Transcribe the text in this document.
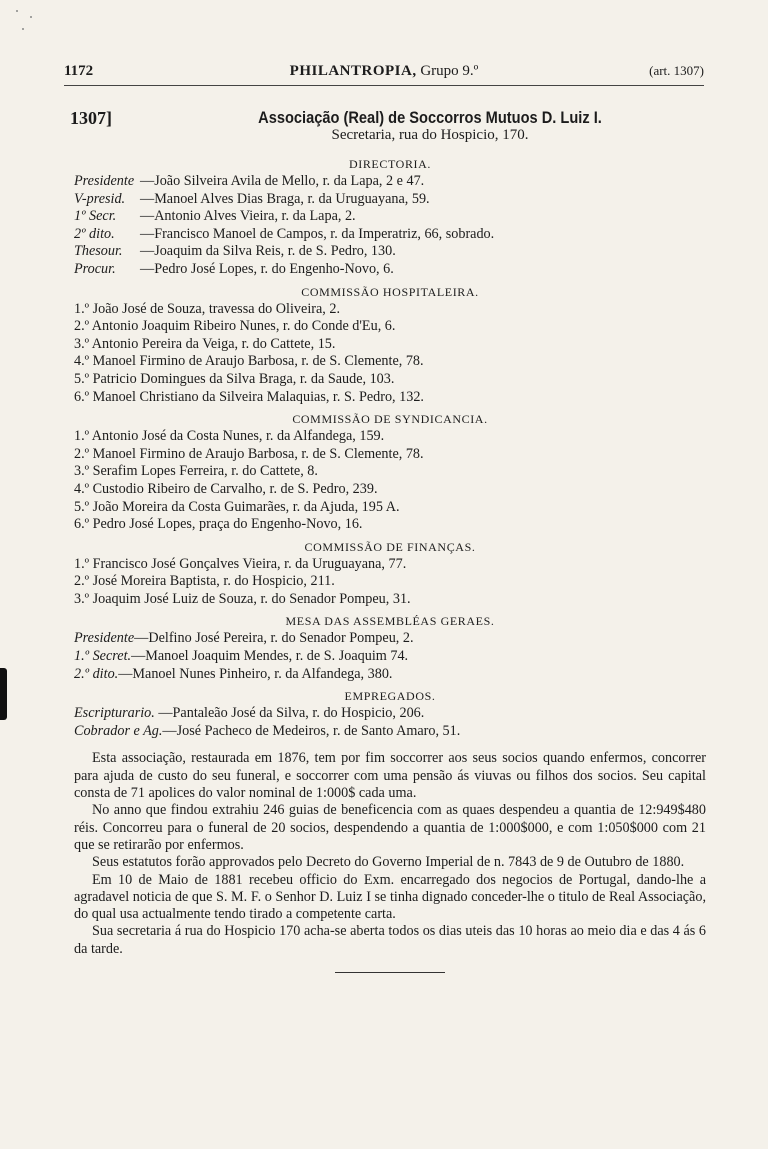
1172	PHILANTROPIA, Grupo 9.º	(art. 1307)
1307]	Associação (Real) de Soccorros Mutuos D. Luiz I.
Secretaria, rua do Hospicio, 170.
DIRECTORIA.
Presidente —João Silveira Avila de Mello, r. da Lapa, 2 e 47.
V-presid. —Manoel Alves Dias Braga, r. da Uruguayana, 59.
1º Secr. —Antonio Alves Vieira, r. da Lapa, 2.
2º dito. —Francisco Manoel de Campos, r. da Imperatriz, 66, sobrado.
Thesour. —Joaquim da Silva Reis, r. de S. Pedro, 130.
Procur. —Pedro José Lopes, r. do Engenho-Novo, 6.
COMMISSÃO HOSPITALEIRA.
1.º João José de Souza, travessa do Oliveira, 2.
2.º Antonio Joaquim Ribeiro Nunes, r. do Conde d'Eu, 6.
3.º Antonio Pereira da Veiga, r. do Cattete, 15.
4.º Manoel Firmino de Araujo Barbosa, r. de S. Clemente, 78.
5.º Patricio Domingues da Silva Braga, r. da Saude, 103.
6.º Manoel Christiano da Silveira Malaquias, r. S. Pedro, 132.
COMMISSÃO DE SYNDICANCIA.
1.º Antonio José da Costa Nunes, r. da Alfandega, 159.
2.º Manoel Firmino de Araujo Barbosa, r. de S. Clemente, 78.
3.º Serafim Lopes Ferreira, r. do Cattete, 8.
4.º Custodio Ribeiro de Carvalho, r. de S. Pedro, 239.
5.º João Moreira da Costa Guimarães, r. da Ajuda, 195 A.
6.º Pedro José Lopes, praça do Engenho-Novo, 16.
COMMISSÃO DE FINANÇAS.
1.º Francisco José Gonçalves Vieira, r. da Uruguayana, 77.
2.º José Moreira Baptista, r. do Hospicio, 211.
3.º Joaquim José Luiz de Souza, r. do Senador Pompeu, 31.
MESA DAS ASSEMBLÉAS GERAES.
Presidente—Delfino José Pereira, r. do Senador Pompeu, 2.
1.º Secret.—Manoel Joaquim Mendes, r. de S. Joaquim 74.
2.º dito.—Manoel Nunes Pinheiro, r. da Alfandega, 380.
EMPREGADOS.
Escripturario. —Pantaleão José da Silva, r. do Hospicio, 206.
Cobrador e Ag.—José Pacheco de Medeiros, r. de Santo Amaro, 51.

Esta associação, restaurada em 1876, tem por fim soccorrer aos seus socios quando enfermos, concorrer para ajuda de custo do seu funeral, e soccorrer com uma pensão ás viuvas ou filhos dos socios. Seu capital consta de 71 apolices do valor nominal de 1:000$ cada uma.

No anno que findou extrahiu 246 guias de beneficencia com as quaes despendeu a quantia de 12:949$480 réis. Concorreu para o funeral de 20 socios, despendendo a quantia de 1:000$000, e com 1:050$000 com 21 que se retirarão por enfermos.

Seus estatutos forão approvados pelo Decreto do Governo Imperial de n. 7843 de 9 de Outubro de 1880.

Em 10 de Maio de 1881 recebeu officio do Exm. encarregado dos negocios de Portugal, dando-lhe a agradavel noticia de que S. M. F. o Senhor D. Luiz I se tinha dignado conceder-lhe o titulo de Real Associação, do qual usa actualmente tendo tirado a competente carta.

Sua secretaria á rua do Hospicio 170 acha-se aberta todos os dias uteis das 10 horas ao meio dia e das 4 ás 6 da tarde.
